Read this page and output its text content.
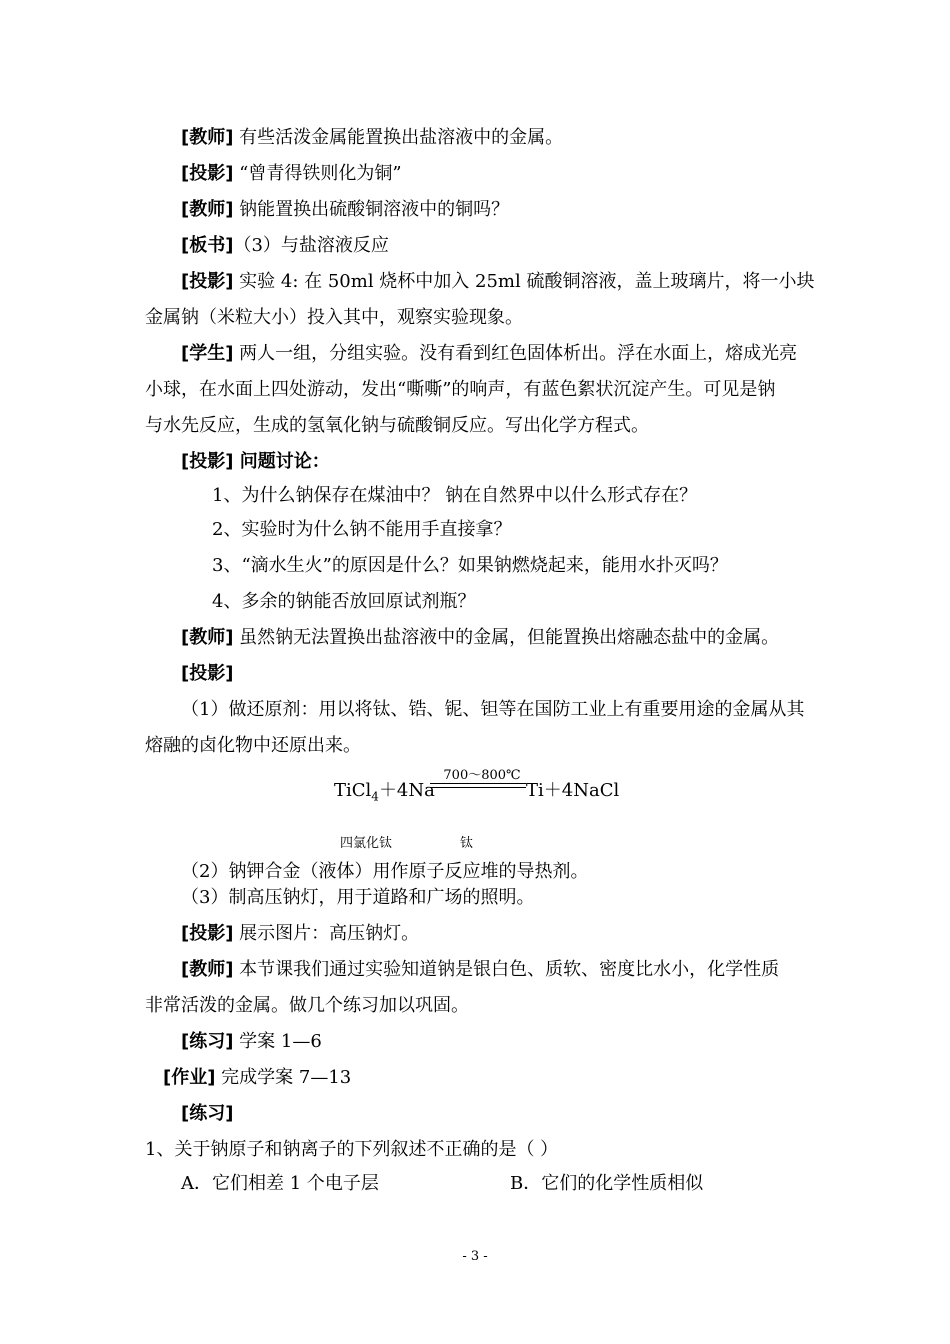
[教师] 有些活泼金属能置换出盐溶液中的金属。
[投影] “曾青得铁则化为铜”
[教师] 钠能置换出硫酸铜溶液中的铜吗？
[板书]（3）与盐溶液反应
[投影] 实验 4: 在 50ml 烧杯中加入 25ml 硫酸铜溶液，盖上玻璃片，将一小块
金属钠（米粒大小）投入其中，观察实验现象。
[学生] 两人一组，分组实验。没有看到红色固体析出。浮在水面上，熔成光亮
小球，在水面上四处游动，发出“嘶嘶”的响声，有蓝色絮状沉淀产生。可见是钠
与水先反应，生成的氢氧化钠与硫酸铜反应。写出化学方程式。
[投影] 问题讨论：
1、为什么钠保存在煤油中？ 钠在自然界中以什么形式存在？
2、实验时为什么钠不能用手直接拿？
3、“滴水生火”的原因是什么？如果钠燃烧起来，能用水扑灭吗？
4、多余的钠能否放回原试剂瓶？
[教师] 虽然钠无法置换出盐溶液中的金属，但能置换出熔融态盐中的金属。
[投影]
（1）做还原剂：用以将钛、锆、铌、钽等在国防工业上有重要用途的金属从其
熔融的卤化物中还原出来。
TiCl$_4$＋4Na
700～800℃
Ti＋4NaCl
四氯化钛	钛
（2）钠钾合金（液体）用作原子反应堆的导热剂。
（3）制高压钠灯，用于道路和广场的照明。
[投影] 展示图片：高压钠灯。
[教师] 本节课我们通过实验知道钠是银白色、质软、密度比水小，化学性质
非常活泼的金属。做几个练习加以巩固。
[练习] 学案 1—6
[作业] 完成学案 7—13
[练习]
1、关于钠原子和钠离子的下列叙述不正确的是（ ）
A．它们相差 1 个电子层	B．它们的化学性质相似
- 3 -
